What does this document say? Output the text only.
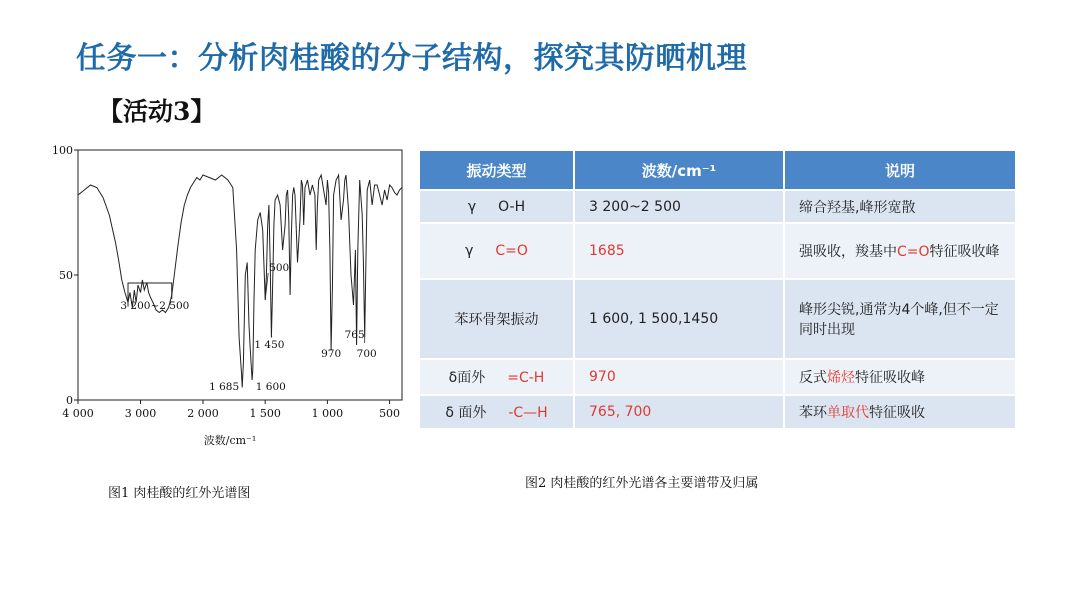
任务一：分析肉桂酸的分子结构，探究其防晒机理
【活动3】
4 000	3 000	2 000	1 500	1 000	500
100
50
0
波数/cm⁻¹
3 200~2 500
1 685 1 600
1 450
500
970
765
700
图1 肉桂酸的红外光谱图
图2 肉桂酸的红外光谱各主要谱带及归属
振动类型	波数/cm⁻¹	说明
γ O-H	3 200~2 500	缔合羟基,峰形宽散
γ C=O	1685	强吸收，羧基中C=O特征吸收峰
苯环骨架振动	1 600, 1 500,1450	峰形尖锐,通常为4个峰,但不一定同时出现
δ面外 =C-H	970	反式烯烃特征吸收峰
δ 面外 -C—H	765, 700	苯环单取代特征吸收
